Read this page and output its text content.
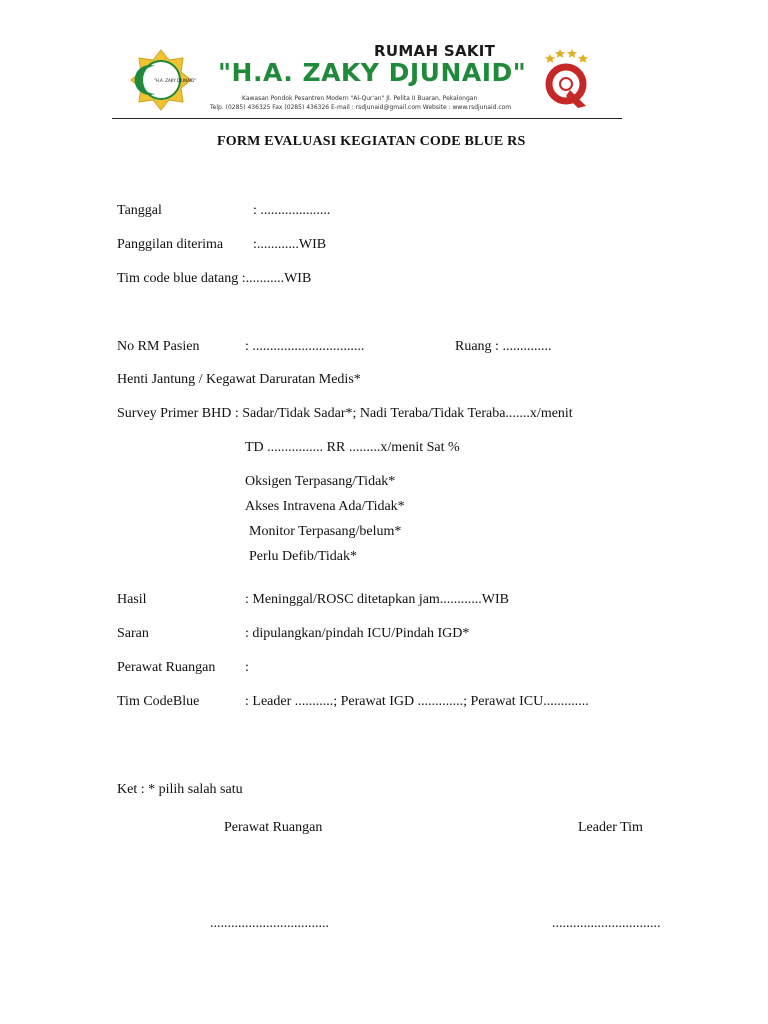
"H.A. ZAKY DJUNAID"
RUMAH SAKIT
"H.A. ZAKY DJUNAID"
Kawasan Pondok Pesantren Modern "Al-Qur'an" Jl. Pelita II Buaran, Pekalongan
Telp. (0285) 436325 Fax (0285) 436326 E-mail : rsdjunaid@gmail.com Website : www.rsdjunaid.com
FORM EVALUASI KEGIATAN CODE BLUE RS
Tanggal	: ....................
Panggilan diterima :............WIB
Tim code blue datang :...........WIB
No RM Pasien	: ................................	Ruang : ..............
Henti Jantung / Kegawat Daruratan Medis*
Survey Primer BHD : Sadar/Tidak Sadar*; Nadi Teraba/Tidak Teraba.......x/menit
TD ................ RR .........x/menit Sat %
Oksigen Terpasang/Tidak*
Akses Intravena Ada/Tidak*
Monitor Terpasang/belum*
Perlu Defib/Tidak*
Hasil	: Meninggal/ROSC ditetapkan jam............WIB
Saran	: dipulangkan/pindah ICU/Pindah IGD*
Perawat Ruangan :
Tim CodeBlue	: Leader ...........; Perawat IGD .............; Perawat ICU.............
Ket : * pilih salah satu
Perawat Ruangan	Leader Tim
..................................	...............................
